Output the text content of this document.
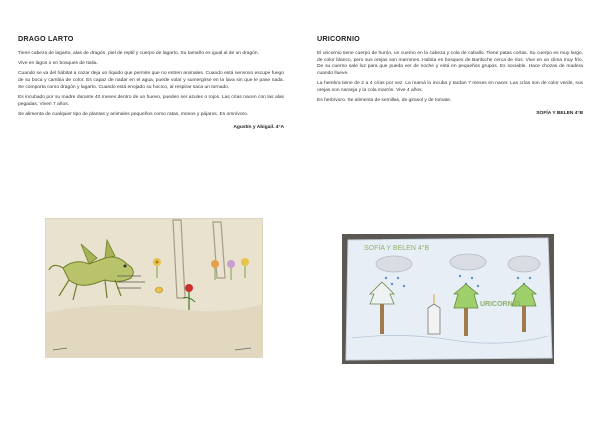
DRAGO LARTO

Tiene cabeza de lagarto, alas de dragón, piel de reptil y cuerpo de lagarto. Su tamaño es igual al de un dragón.

Vive en lagos o en bosques de Italia.

Cuando se va del hábitat a cazar deja un líquido que permite que no entren animales. Cuando está nervioso escupe fuego de su boca y cambia de color. Es capaz de nadar en el agua, puede volar y sumergirse en la lava sin que le pase nada. Se comporta como dragón y lagarto. Cuando está enojado su hocico, al respirar saca un tornado.

Es incubado por su madre durante 40 meses dentro de un huevo, pueden ser azules o rojos. Las crías nacen con las alas pegadas. Viven 7 años.

Se alimenta de cualquier tipo de plantas y animales pequeños como ratas, monos y pájaros. Es omnívoro.

Agustín y Abigail. 4°A
URICORNIO

El uricornio tiene cuerpo de hurón, un cuerno en la cabeza y cola de caballo. Tiene patas cortas. Su cuerpo es muy largo, de color blanco, pero sus orejas son marrones. Habita en bosques de Bariloche cerca de ríos. Vive en un clima muy frío. De su cuerno sale luz para que pueda ver de noche y está en pequeños grupos. Es sociable. Hace chozas de madera cuando llueve.

La hembra tiene de 2 a 4 crías por vez. La mamá lo incuba y tardan 7 meses en nacer. Las crías son de color verde, sus orejas son naranja y la cola marrón. Vive 4 años.

Es herbívoro. Se alimenta de semillas, de girasol y de tomate.

SOFÍA Y BELEN 4°B
SOFÍA Y BELEN 4°B
URICORNIO
